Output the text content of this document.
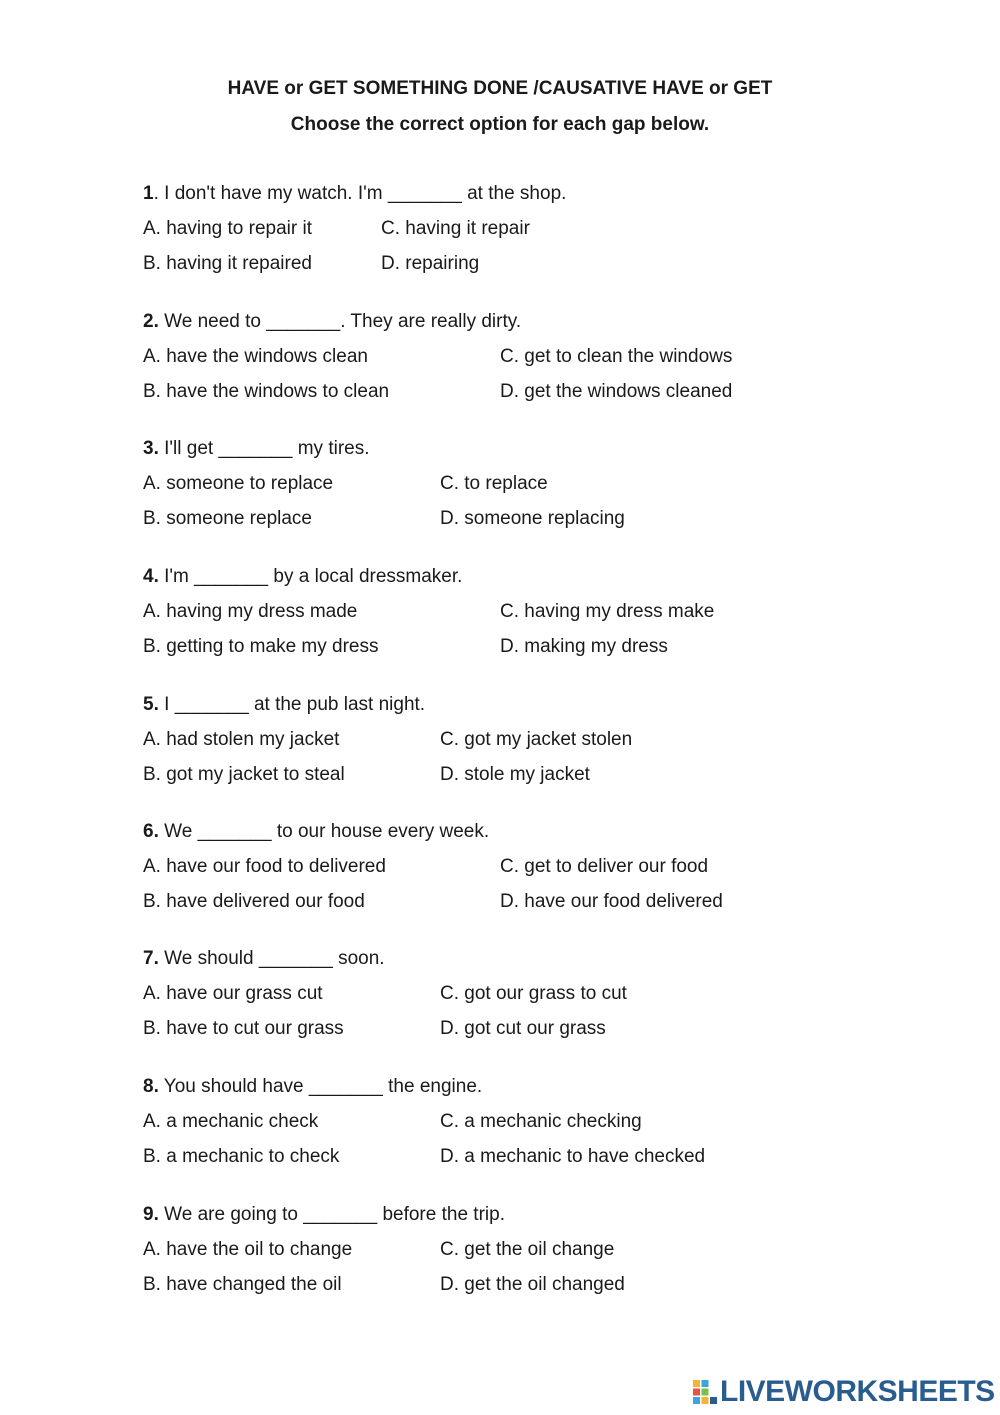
HAVE or GET SOMETHING DONE /CAUSATIVE HAVE or GET
Choose the correct option for each gap below.
1. I don't have my watch. I'm _______ at the shop.
A. having to repair it	C. having it repair
B. having it repaired	D. repairing
2. We need to _______. They are really dirty.
A. have the windows clean	C. get to clean the windows
B. have the windows to clean	D. get the windows cleaned
3. I'll get _______ my tires.
A. someone to replace	C. to replace
B. someone replace	D. someone replacing
4. I'm _______ by a local dressmaker.
A. having my dress made	C. having my dress make
B. getting to make my dress	D. making my dress
5. I _______ at the pub last night.
A. had stolen my jacket	C. got my jacket stolen
B. got my jacket to steal	D. stole my jacket
6. We _______ to our house every week.
A. have our food to delivered	C. get to deliver our food
B. have delivered our food	D. have our food delivered
7. We should _______ soon.
A. have our grass cut	C. got our grass to cut
B. have to cut our grass	D. got cut our grass
8. You should have _______ the engine.
A. a mechanic check	C. a mechanic checking
B. a mechanic to check	D. a mechanic to have checked
9. We are going to _______ before the trip.
A. have the oil to change	C. get the oil change
B. have changed the oil	D. get the oil changed
LIVEWORKSHEETS
